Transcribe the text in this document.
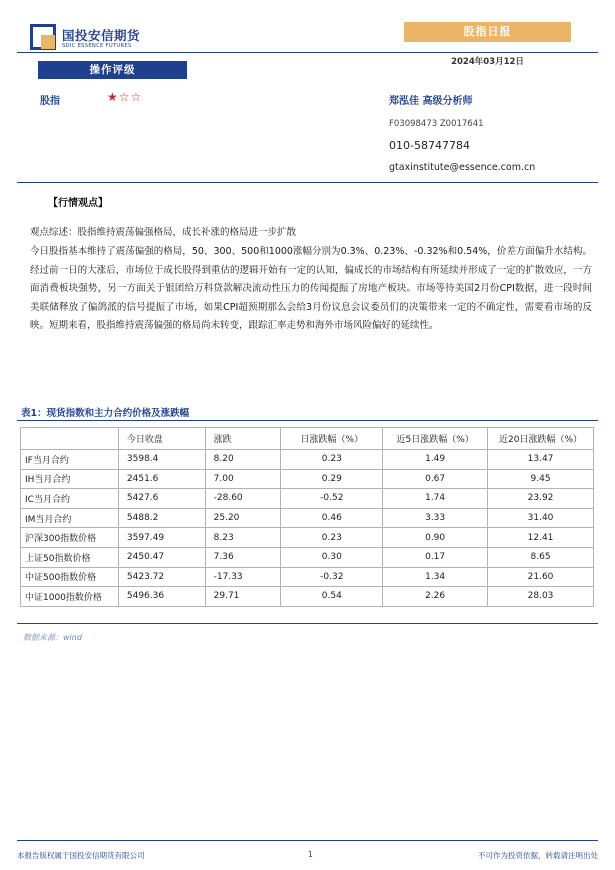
国投安信期货
SDIC ESSENCE FUTURES
股指日报
2024年03月12日
操作评级
股指	★☆☆	郑泓佳 高级分析师
F03098473 Z0017641
010-58747784
gtaxinstitute@essence.com.cn
【行情观点】
观点综述：股指维持震荡偏强格局，成长补涨的格局进一步扩散
今日股指基本维持了震荡偏强的格局，50、300、500和1000涨幅分别为0.3%、0.23%、-0.32%和0.54%，价差方面偏升水结构。经过前一日的大涨后，市场位于成长股得到重估的逻辑开始有一定的认知，偏成长的市场结构有所延续并形成了一定的扩散效应，一方面消费板块强势，另一方面关于银团给万科贷款解决流动性压力的传闻提振了房地产板块。市场等待美国2月份CPI数据，进一段时间美联储释放了偏鸽派的信号提振了市场，如果CPI超预期那么会给3月份议息会议委员们的决策带来一定的不确定性，需要看市场的反映。短期来看，股指维持震荡偏强的格局尚未转变，跟踪汇率走势和海外市场风险偏好的延续性。
表1：现货指数和主力合约价格及涨跌幅
	今日收盘	涨跌	日涨跌幅（%）	近5日涨跌幅（%）	近20日涨跌幅（%）
IF当月合约	3598.4	8.20	0.23	1.49	13.47
IH当月合约	2451.6	7.00	0.29	0.67	9.45
IC当月合约	5427.6	-28.60	-0.52	1.74	23.92
IM当月合约	5488.2	25.20	0.46	3.33	31.40
沪深300指数价格	3597.49	8.23	0.23	0.90	12.41
上证50指数价格	2450.47	7.36	0.30	0.17	8.65
中证500指数价格	5423.72	-17.33	-0.32	1.34	21.60
中证1000指数价格	5496.36	29.71	0.54	2.26	28.03
数据来源：wind
本报告版权属于国投安信期货有限公司	1	不可作为投资依据，转载请注明出处
